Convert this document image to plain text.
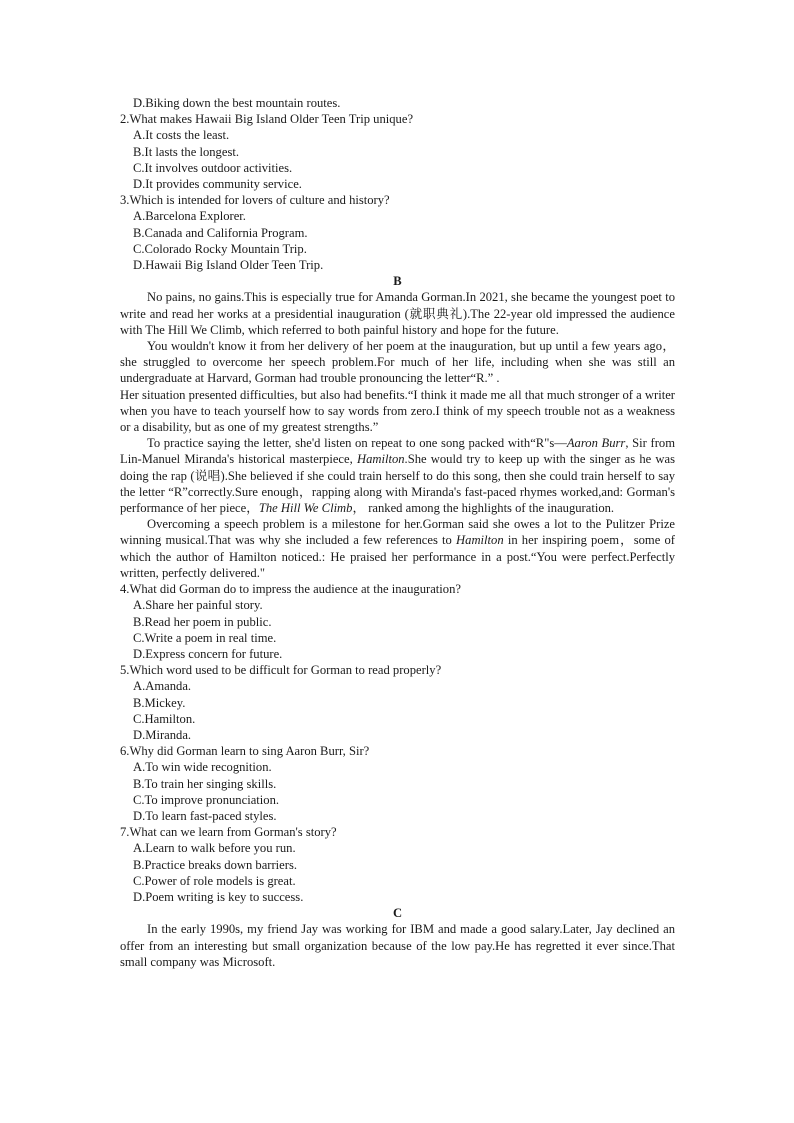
D.Biking down the best mountain routes.
2.What makes Hawaii Big Island Older Teen Trip unique?
A.It costs the least.
B.It lasts the longest.
C.It involves outdoor activities.
D.It provides community service.
3.Which is intended for lovers of culture and history?
A.Barcelona Explorer.
B.Canada and California Program.
C.Colorado Rocky Mountain Trip.
D.Hawaii Big Island Older Teen Trip.
B
No pains, no gains.This is especially true for Amanda Gorman.In 2021, she became the youngest poet to write and read her works at a presidential inauguration (就职典礼).The 22-year old impressed the audience with The Hill We Climb, which referred to both painful history and hope for the future.
You wouldn't know it from her delivery of her poem at the inauguration, but up until a few years ago，she struggled to overcome her speech problem.For much of her life, including when she was still an undergraduate at Harvard, Gorman had trouble pronouncing the letter“R.” .
Her situation presented difficulties, but also had benefits.“I think it made me all that much stronger of a writer when you have to teach yourself how to say words from zero.I think of my speech trouble not as a weakness or a disability, but as one of my greatest strengths.”
To practice saying the letter, she'd listen on repeat to one song packed with“R"s—Aaron Burr, Sir from Lin-Manuel Miranda's historical masterpiece, Hamilton.She would try to keep up with the singer as he was doing the rap (说唱).She believed if she could train herself to do this song, then she could train herself to say the letter “R”correctly.Sure enough，rapping along with Miranda's fast-paced rhymes worked,and: Gorman's performance of her piece，The Hill We Climb， ranked among the highlights of the inauguration.
Overcoming a speech problem is a milestone for her.Gorman said she owes a lot to the Pulitzer Prize winning musical.That was why she included a few references to Hamilton in her inspiring poem，some of which the author of Hamilton noticed.: He praised her performance in a post.“You were perfect.Perfectly written, perfectly delivered."
4.What did Gorman do to impress the audience at the inauguration?
A.Share her painful story.
B.Read her poem in public.
C.Write a poem in real time.
D.Express concern for future.
5.Which word used to be difficult for Gorman to read properly?
A.Amanda.
B.Mickey.
C.Hamilton.
D.Miranda.
6.Why did Gorman learn to sing Aaron Burr, Sir?
A.To win wide recognition.
B.To train her singing skills.
C.To improve pronunciation.
D.To learn fast-paced styles.
7.What can we learn from Gorman's story?
A.Learn to walk before you run.
B.Practice breaks down barriers.
C.Power of role models is great.
D.Poem writing is key to success.
C
In the early 1990s, my friend Jay was working for IBM and made a good salary.Later, Jay declined an offer from an interesting but small organization because of the low pay.He has regretted it ever since.That small company was Microsoft.
